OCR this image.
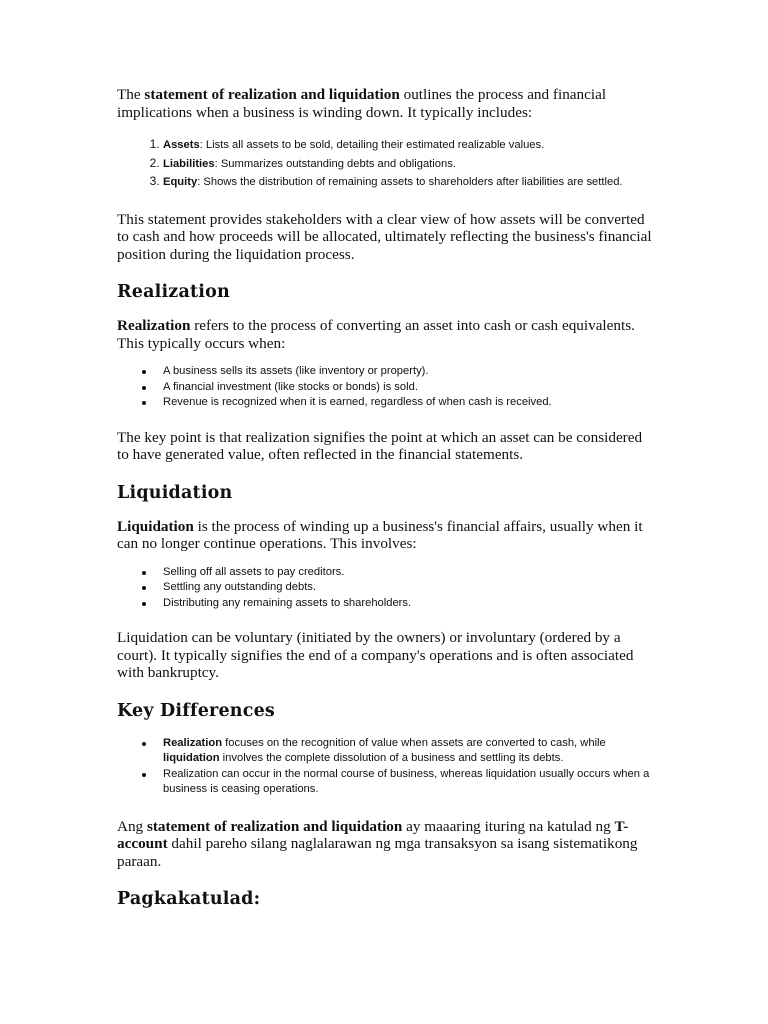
The statement of realization and liquidation outlines the process and financial implications when a business is winding down. It typically includes:

1. Assets: Lists all assets to be sold, detailing their estimated realizable values.
2. Liabilities: Summarizes outstanding debts and obligations.
3. Equity: Shows the distribution of remaining assets to shareholders after liabilities are settled.

This statement provides stakeholders with a clear view of how assets will be converted to cash and how proceeds will be allocated, ultimately reflecting the business's financial position during the liquidation process.

Realization

Realization refers to the process of converting an asset into cash or cash equivalents. This typically occurs when:

A business sells its assets (like inventory or property).
A financial investment (like stocks or bonds) is sold.
Revenue is recognized when it is earned, regardless of when cash is received.

The key point is that realization signifies the point at which an asset can be considered to have generated value, often reflected in the financial statements.

Liquidation

Liquidation is the process of winding up a business's financial affairs, usually when it can no longer continue operations. This involves:

Selling off all assets to pay creditors.
Settling any outstanding debts.
Distributing any remaining assets to shareholders.

Liquidation can be voluntary (initiated by the owners) or involuntary (ordered by a court). It typically signifies the end of a company's operations and is often associated with bankruptcy.

Key Differences
Realization focuses on the recognition of value when assets are converted to cash, while liquidation involves the complete dissolution of a business and settling its debts.
Realization can occur in the normal course of business, whereas liquidation usually occurs when a business is ceasing operations.

Ang statement of realization and liquidation ay maaaring ituring na katulad ng T-account dahil pareho silang naglalarawan ng mga transaksyon sa isang sistematikong paraan.

Pagkakatulad:
